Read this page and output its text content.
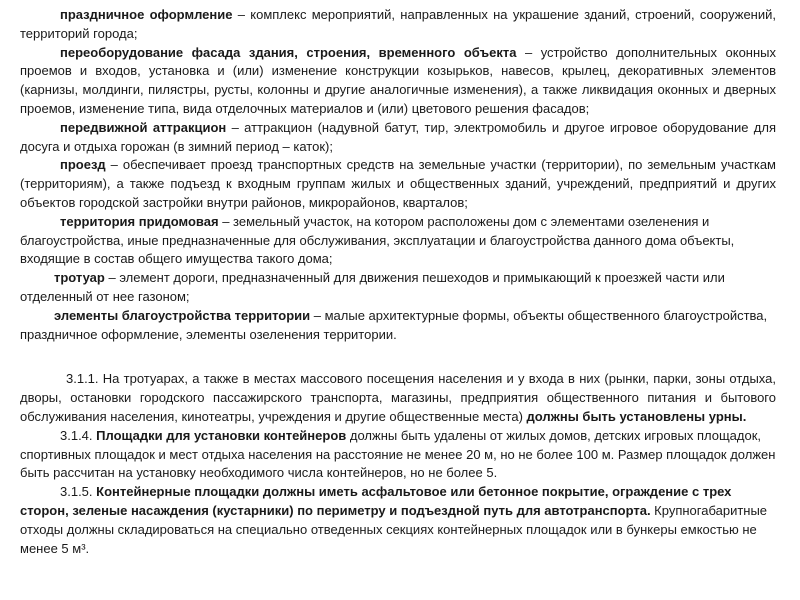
праздничное оформление – комплекс мероприятий, направленных на украшение зданий, строений, сооружений, территорий города;

переоборудование фасада здания, строения, временного объекта – устройство дополнительных оконных проемов и входов, установка и (или) изменение конструкции козырьков, навесов, крылец, декоративных элементов (карнизы, молдинги, пилястры, русты, колонны и другие аналогичные изменения), а также ликвидация оконных и дверных проемов, изменение типа, вида отделочных материалов и (или) цветового решения фасадов;

передвижной аттракцион – аттракцион (надувной батут, тир, электромобиль и другое игровое оборудование для досуга и отдыха горожан (в зимний период – каток);

проезд – обеспечивает проезд транспортных средств на земельные участки (территории), по земельным участкам (территориям), а также подъезд к входным группам жилых и общественных зданий, учреждений, предприятий и других объектов городской застройки внутри районов, микрорайонов, кварталов;

территория придомовая – земельный участок, на котором расположены дом с элементами озеленения и благоустройства, иные предназначенные для обслуживания, эксплуатации и благоустройства данного дома объекты, входящие в состав общего имущества такого дома;

тротуар – элемент дороги, предназначенный для движения пешеходов и примыкающий к проезжей части или отделенный от нее газоном;

элементы благоустройства территории – малые архитектурные формы, объекты общественного благоустройства, праздничное оформление, элементы озеленения территории.

3.1.1. На тротуарах, а также в местах массового посещения населения и у входа в них (рынки, парки, зоны отдыха, дворы, остановки городского пассажирского транспорта, магазины, предприятия общественного питания и бытового обслуживания населения, кинотеатры, учреждения и другие общественные места) должны быть установлены урны.

3.1.4. Площадки для установки контейнеров должны быть удалены от жилых домов, детских игровых площадок, спортивных площадок и мест отдыха населения на расстояние не менее 20 м, но не более 100 м. Размер площадок должен быть рассчитан на установку необходимого числа контейнеров, но не более 5.

3.1.5. Контейнерные площадки должны иметь асфальтовое или бетонное покрытие, ограждение с трех сторон, зеленые насаждения (кустарники) по периметру и подъездной путь для автотранспорта. Крупногабаритные отходы должны складироваться на специально отведенных секциях контейнерных площадок или в бункеры емкостью не менее 5 м³.
